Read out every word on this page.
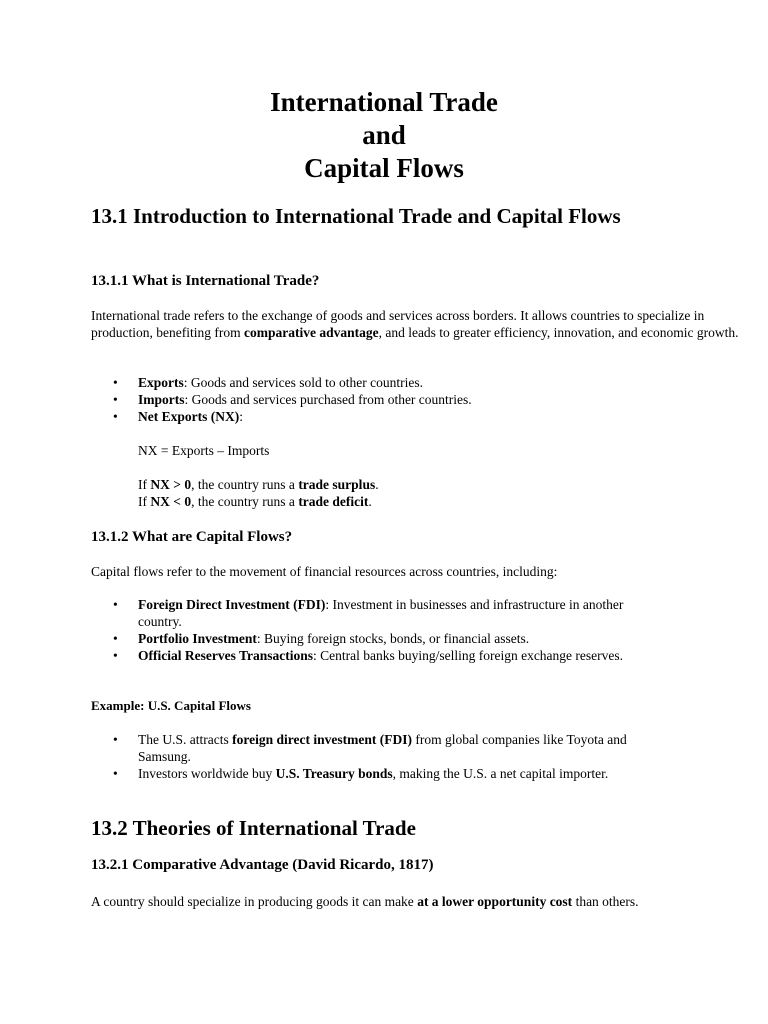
International Trade
and
Capital Flows
13.1 Introduction to International Trade and Capital Flows
13.1.1 What is International Trade?

International trade refers to the exchange of goods and services across borders. It allows countries to specialize in production, benefiting from comparative advantage, and leads to greater efficiency, innovation, and economic growth.

• Exports: Goods and services sold to other countries.
• Imports: Goods and services purchased from other countries.
• Net Exports (NX):

NX = Exports – Imports

If NX > 0, the country runs a trade surplus.

If NX < 0, the country runs a trade deficit.

13.1.2 What are Capital Flows?

Capital flows refer to the movement of financial resources across countries, including:

• Foreign Direct Investment (FDI): Investment in businesses and infrastructure in another country.
• Portfolio Investment: Buying foreign stocks, bonds, or financial assets.
• Official Reserves Transactions: Central banks buying/selling foreign exchange reserves.
Example: U.S. Capital Flows
• The U.S. attracts foreign direct investment (FDI) from global companies like Toyota and Samsung.
• Investors worldwide buy U.S. Treasury bonds, making the U.S. a net capital importer.
13.2 Theories of International Trade
13.2.1 Comparative Advantage (David Ricardo, 1817)

A country should specialize in producing goods it can make at a lower opportunity cost than others.
